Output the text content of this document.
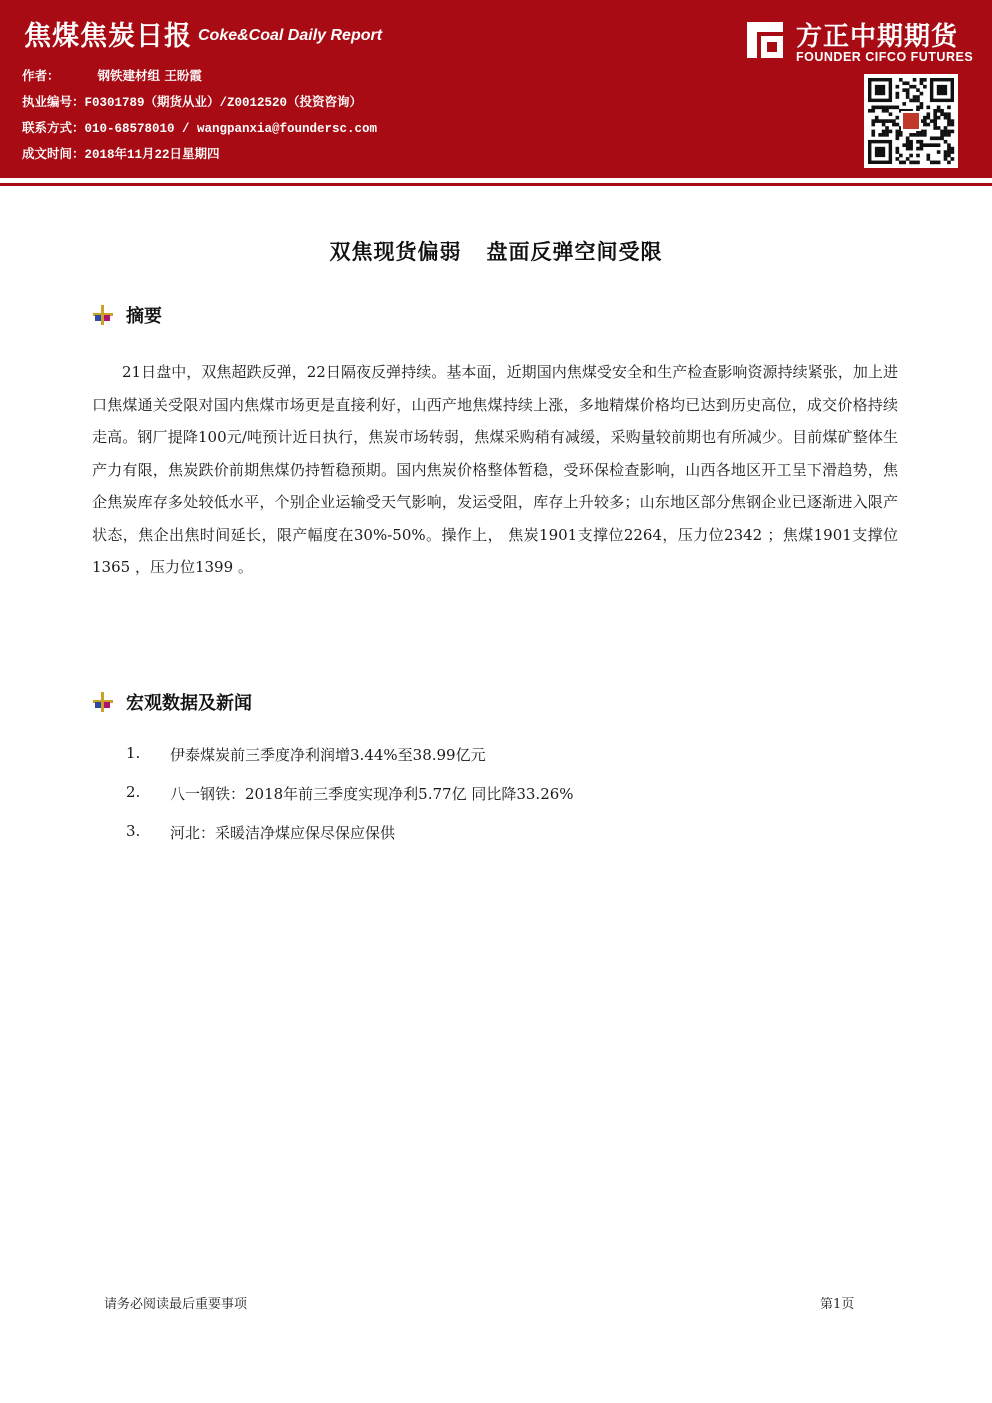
焦煤焦炭日报 Coke&Coal Daily Report
作者：	钢铁建材组 王盼霞
执业编号：F0301789（期货从业）/Z0012520（投资咨询）
联系方式：010-68578010 / wangpanxia@foundersc.com
成文时间：2018年11月22日星期四
方正中期期货
FOUNDER CIFCO FUTURES
双焦现货偏弱   盘面反弹空间受限
摘要
21日盘中，双焦超跌反弹，22日隔夜反弹持续。基本面，近期国内焦煤受安全和生产检查影响资源持续紧张，加上进口焦煤通关受限对国内焦煤市场更是直接利好，山西产地焦煤持续上涨，多地精煤价格均已达到历史高位，成交价格持续走高。钢厂提降100元/吨预计近日执行，焦炭市场转弱，焦煤采购稍有减缓，采购量较前期也有所减少。目前煤矿整体生产力有限，焦炭跌价前期焦煤仍持暂稳预期。国内焦炭价格整体暂稳，受环保检查影响，山西各地区开工呈下滑趋势，焦企焦炭库存多处较低水平，个别企业运输受天气影响，发运受阻，库存上升较多；山东地区部分焦钢企业已逐渐进入限产状态，焦企出焦时间延长，限产幅度在30%-50%。操作上， 焦炭1901支撑位2264，压力位2342 ；焦煤1901支撑位1365 ，压力位1399 。
宏观数据及新闻
1.	伊泰煤炭前三季度净利润增3.44%至38.99亿元
2.	八一钢铁：2018年前三季度实现净利5.77亿 同比降33.26%
3.	河北：采暖洁净煤应保尽保应保供
请务必阅读最后重要事项	第1页
